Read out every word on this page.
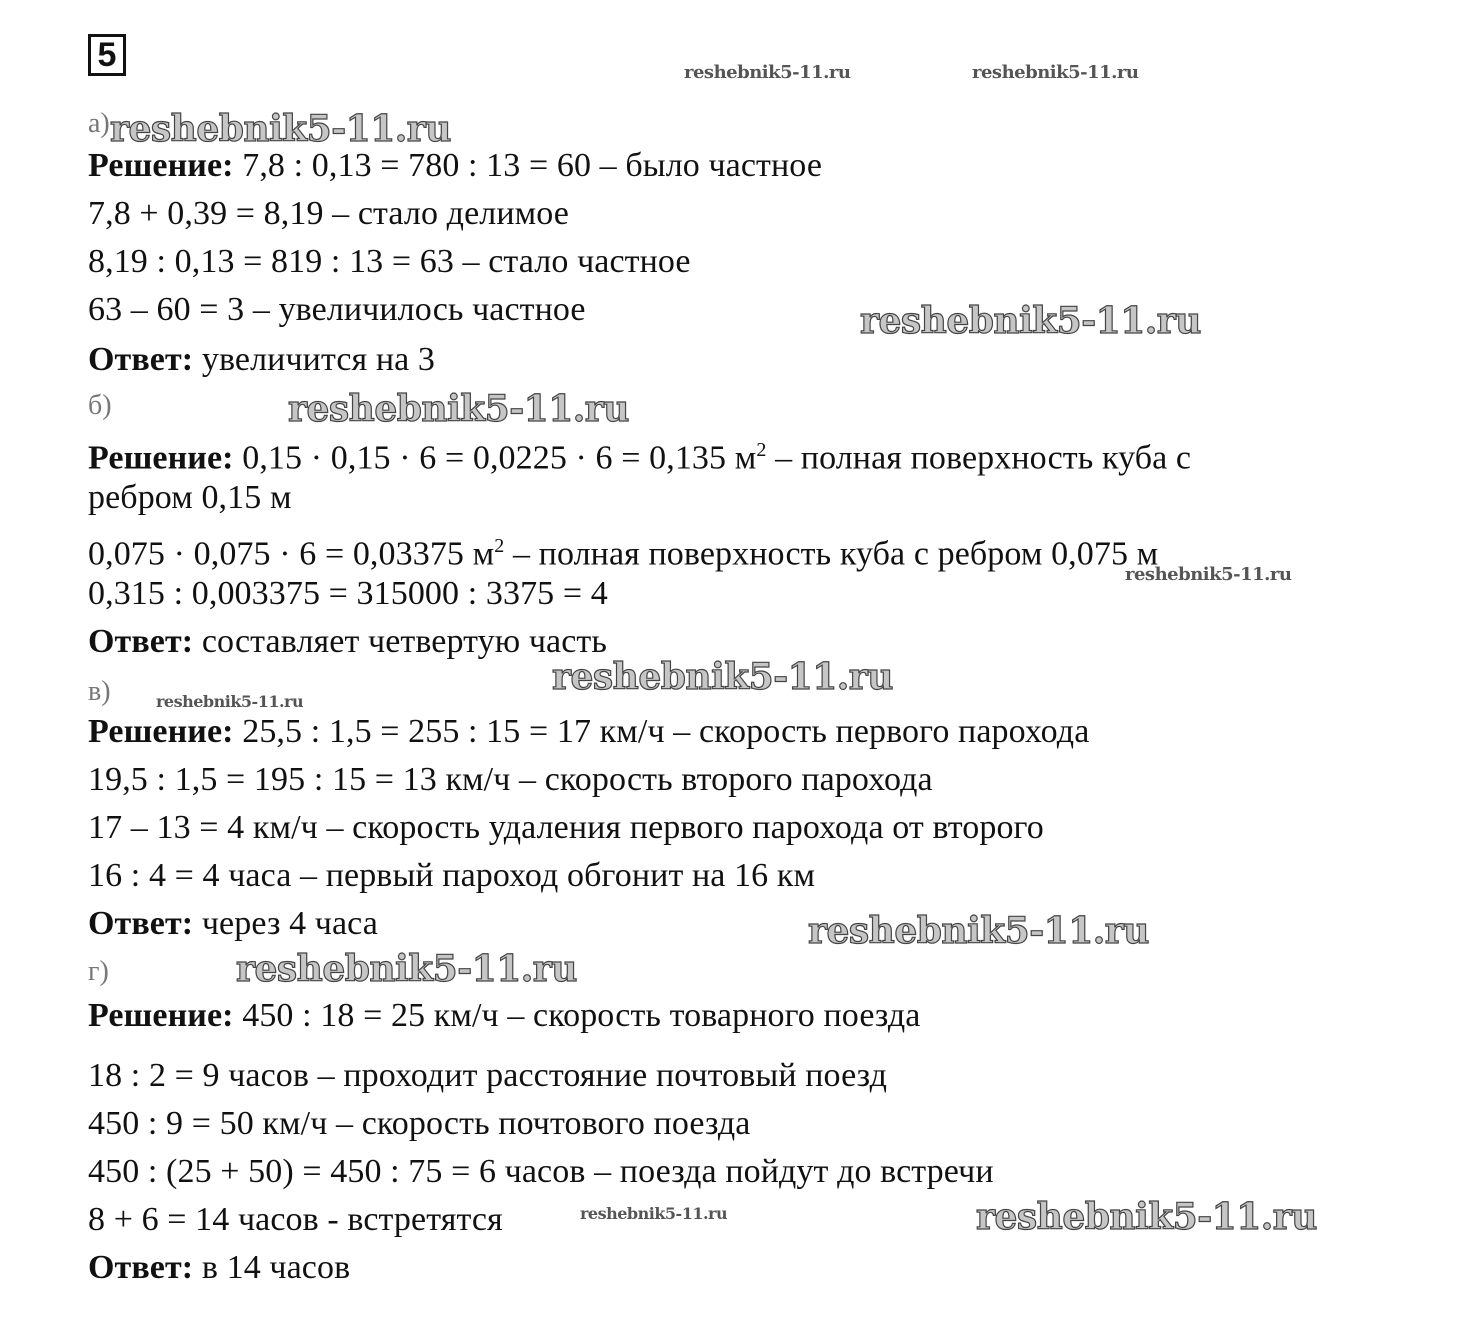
5	reshebnik5-11.ru	reshebnik5-11.ru
reshebnik5-11.ru
reshebnik5-11.ru
reshebnik5-11.ru
reshebnik5-11.ru
reshebnik5-11.ru
reshebnik5-11.ru
reshebnik5-11.ru
reshebnik5-11.ru
reshebnik5-11.ru	reshebnik5-11.ru
а)
Решение: 7,8 : 0,13 = 780 : 13 = 60 – было частное
7,8 + 0,39 = 8,19 – стало делимое
8,19 : 0,13 = 819 : 13 = 63 – стало частное
63 – 60 = 3 – увеличилось частное
Ответ: увеличится на 3
б)
Решение: 0,15 · 0,15 · 6 = 0,0225 · 6 = 0,135 $м^2$ – полная поверхность куба с
ребром 0,15 м
0,075 · 0,075 · 6 = 0,03375 $м^2$ – полная поверхность куба с ребром 0,075 м
0,315 : 0,003375 = 315000 : 3375 = 4
Ответ: составляет четвертую часть
в)
Решение: 25,5 : 1,5 = 255 : 15 = 17 км/ч – скорость первого парохода
19,5 : 1,5 = 195 : 15 = 13 км/ч – скорость второго парохода
17 – 13 = 4 км/ч – скорость удаления первого парохода от второго
16 : 4 = 4 часа – первый пароход обгонит на 16 км
Ответ: через 4 часа
г)
Решение: 450 : 18 = 25 км/ч – скорость товарного поезда
18 : 2 = 9 часов – проходит расстояние почтовый поезд
450 : 9 = 50 км/ч – скорость почтового поезда
450 : (25 + 50) = 450 : 75 = 6 часов – поезда пойдут до встречи
8 + 6 = 14 часов - встретятся
Ответ: в 14 часов
